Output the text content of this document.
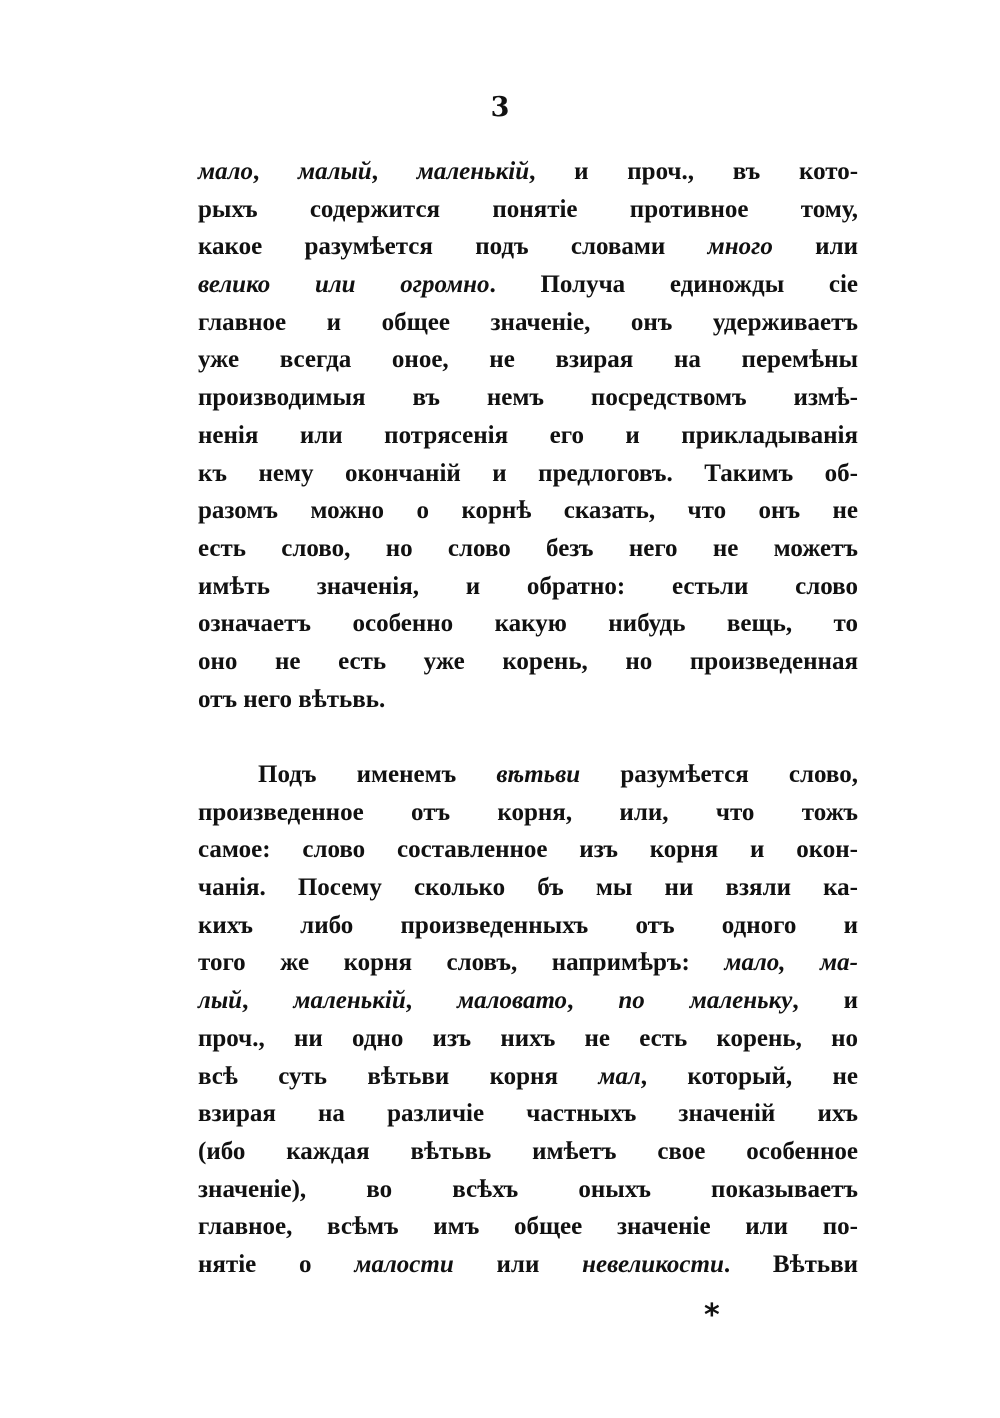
3
мало, малый, маленькій, и проч., въ кото-
рыхъ содержится понятіе противное тому,
какое разумѣется подъ словами много или
велико или огромно. Получа единожды сіе
главное и общее значеніе, онъ удерживаетъ
уже всегда оное, не взирая на перемѣны
производимыя въ немъ посредствомъ измѣ-
ненія или потрясенія его и прикладыванія
къ нему окончаній и предлоговъ. Такимъ об-
разомъ можно о корнѣ сказать, что онъ не
есть слово, но слово безъ него не можетъ
имѣть значенія, и обратно: естьли слово
означаетъ особенно какую нибудь вещь, то
оно не есть уже корень, но произведенная
отъ него вѣтьвь.
Подъ именемъ вѣтьви разумѣется слово,
произведенное отъ корня, или, что тожъ
самое: слово составленное изъ корня и окон-
чанія. Посему сколько бъ мы ни взяли ка-
кихъ либо произведенныхъ отъ одного и
того же корня словъ, напримѣръ: мало, ма-
лый, маленькій, маловато, по маленьку, и
проч., ни одно изъ нихъ не есть корень, но
всѣ суть вѣтьви корня мал, который, не
взирая на различіе частныхъ значеній ихъ
(ибо каждая вѣтьвь имѣетъ свое особенное
значеніе), во всѣхъ оныхъ показываетъ
главное, всѣмъ имъ общее значеніе или по-
нятіе о малости или невеликости. Вѣтьви
*
